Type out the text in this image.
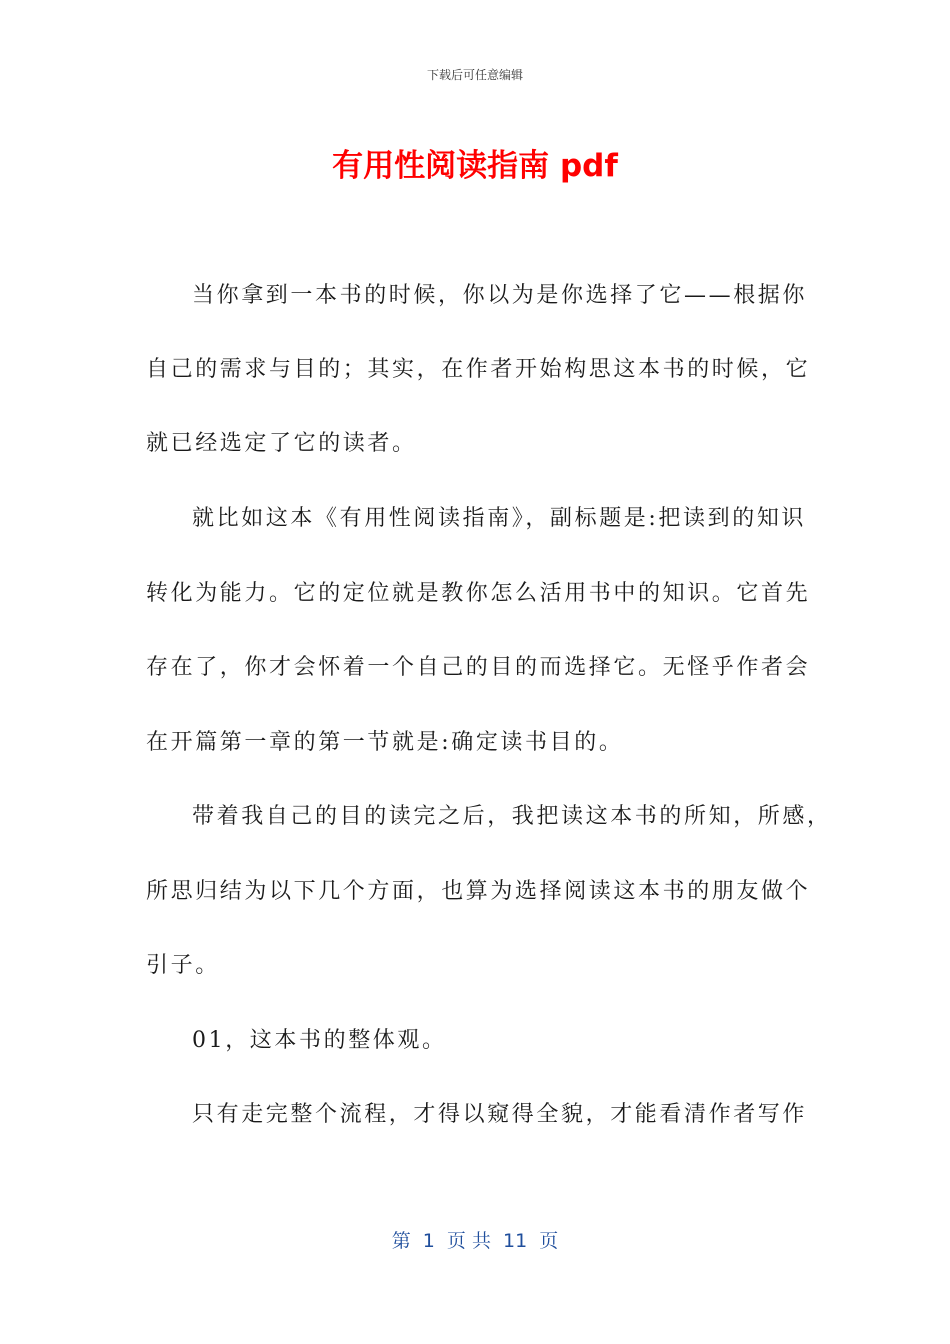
下载后可任意编辑
有用性阅读指南 pdf
当你拿到一本书的时候，你以为是你选择了它——根据你
自己的需求与目的；其实，在作者开始构思这本书的时候，它
就已经选定了它的读者。
就比如这本《有用性阅读指南》，副标题是:把读到的知识
转化为能力。它的定位就是教你怎么活用书中的知识。它首先
存在了，你才会怀着一个自己的目的而选择它。无怪乎作者会
在开篇第一章的第一节就是:确定读书目的。
带着我自己的目的读完之后，我把读这本书的所知，所感，
所思归结为以下几个方面，也算为选择阅读这本书的朋友做个
引子。
01，这本书的整体观。
只有走完整个流程，才得以窥得全貌，才能看清作者写作
第  1  页 共  11  页
